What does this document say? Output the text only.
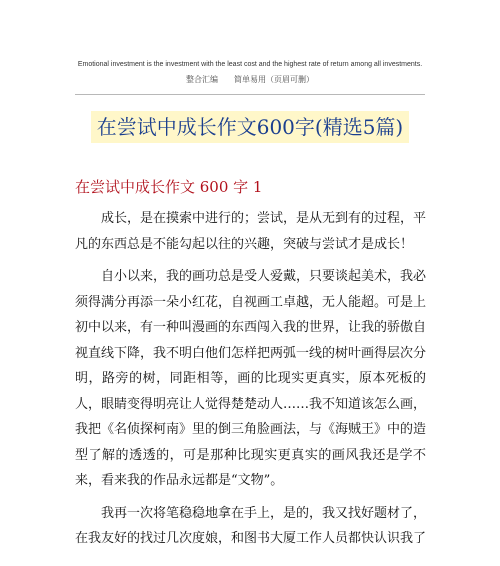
Emotional investment is the investment with the least cost and the highest rate of return among all investments.
整合汇编　　简单易用（页眉可删）
在尝试中成长作文600字(精选5篇)
在尝试中成长作文 600 字 1

成长，是在摸索中进行的；尝试，是从无到有的过程，平凡的东西总是不能勾起以往的兴趣，突破与尝试才是成长！

自小以来，我的画功总是受人爱戴，只要谈起美术，我必须得满分再添一朵小红花，自视画工卓越，无人能超。可是上初中以来，有一种叫漫画的东西闯入我的世界，让我的骄傲自视直线下降，我不明白他们怎样把两弧一线的树叶画得层次分明，路旁的树，同距相等，画的比现实更真实，原本死板的人，眼睛变得明亮让人觉得楚楚动人……我不知道该怎么画，我把《名侦探柯南》里的倒三角脸画法，与《海贼王》中的造型了解的透透的，可是那种比现实更真实的画风我还是学不来，看来我的作品永远都是“文物”。

我再一次将笔稳稳地拿在手上，是的，我又找好题材了，在我友好的找过几次度娘，和图书大厦工作人员都快认识我了
